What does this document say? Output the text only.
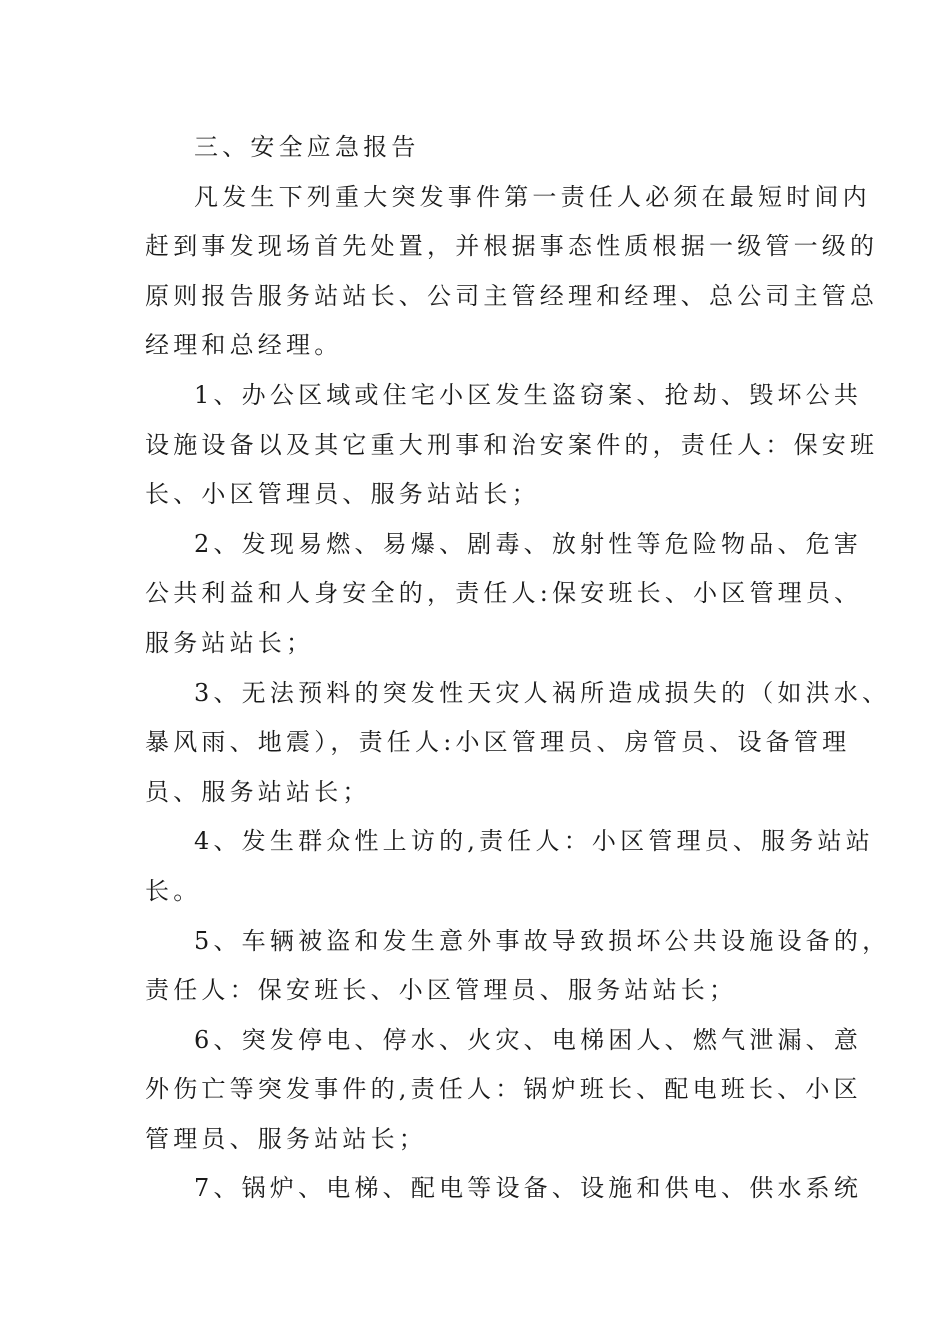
三、安全应急报告
凡发生下列重大突发事件第一责任人必须在最短时间内
赶到事发现场首先处置，并根据事态性质根据一级管一级的
原则报告服务站站长、公司主管经理和经理、总公司主管总
经理和总经理。
1、办公区域或住宅小区发生盗窃案、抢劫、毁坏公共
设施设备以及其它重大刑事和治安案件的，责任人：保安班
长、小区管理员、服务站站长；
2、发现易燃、易爆、剧毒、放射性等危险物品、危害
公共利益和人身安全的，责任人:保安班长、小区管理员、
服务站站长；
3、无法预料的突发性天灾人祸所造成损失的（如洪水、
暴风雨、地震），责任人:小区管理员、房管员、设备管理
员、服务站站长；
4、发生群众性上访的,责任人：小区管理员、服务站站
长。
5、车辆被盗和发生意外事故导致损坏公共设施设备的，
责任人：保安班长、小区管理员、服务站站长；
6、突发停电、停水、火灾、电梯困人、燃气泄漏、意
外伤亡等突发事件的,责任人：锅炉班长、配电班长、小区
管理员、服务站站长；
7、锅炉、电梯、配电等设备、设施和供电、供水系统
